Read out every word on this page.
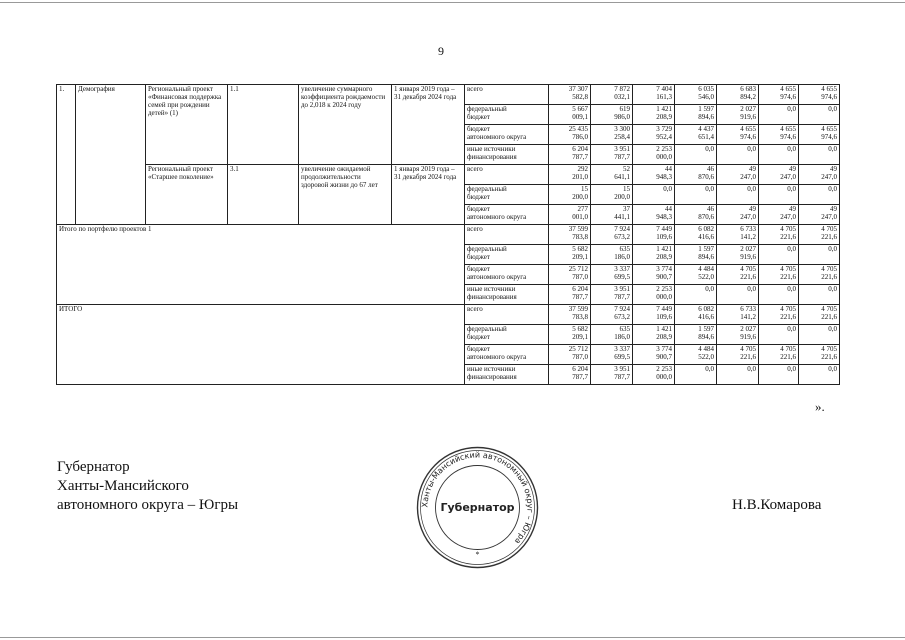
9
1.	Демография	Региональный проект «Финансовая поддержка семей при рождении детей» (1)	1.1	увеличение суммарного коэффициента рождаемости до 2,018 к 2024 году	1 января 2019 года – 31 декабря 2024 года	всего	37 307
582,8	7 872
032,1	7 404
161,3	6 035
546,0	6 683
894,2	4 655
974,6	4 655
974,6
						федеральный
бюджет	5 667
009,1	619
986,0	1 421
208,9	1 597
894,6	2 027
919,6	0,0	0,0
						бюджет
автономного округа	25 435
786,0	3 300
258,4	3 729
952,4	4 437
651,4	4 655
974,6	4 655
974,6	4 655
974,6
						иные источники
финансирования	6 204
787,7	3 951
787,7	2 253
000,0	0,0	0,0	0,0	0,0
		Региональный проект «Старшее поколение»	3.1	увеличение ожидаемой продолжительности здоровой жизни до 67 лет	1 января 2019 года –
31 декабря 2024 года	всего	292
201,0	52
641,1	44
948,3	46
870,6	49
247,0	49
247,0	49
247,0
						федеральный
бюджет	15
200,0	15
200,0	0,0	0,0	0,0	0,0	0,0
						бюджет
автономного округа	277
001,0	37
441,1	44
948,3	46
870,6	49
247,0	49
247,0	49
247,0
Итого по портфелю проектов 1						всего	37 599
783,8	7 924
673,2	7 449
109,6	6 082
416,6	6 733
141,2	4 705
221,6	4 705
221,6
						федеральный
бюджет	5 682
209,1	635
186,0	1 421
208,9	1 597
894,6	2 027
919,6	0,0	0,0
						бюджет
автономного округа	25 712
787,0	3 337
699,5	3 774
900,7	4 484
522,0	4 705
221,6	4 705
221,6	4 705
221,6
						иные источники
финансирования	6 204
787,7	3 951
787,7	2 253
000,0	0,0	0,0	0,0	0,0
ИТОГО						всего	37 599
783,8	7 924
673,2	7 449
109,6	6 082
416,6	6 733
141,2	4 705
221,6	4 705
221,6
						федеральный
бюджет	5 682
209,1	635
186,0	1 421
208,9	1 597
894,6	2 027
919,6	0,0	0,0
						бюджет
автономного округа	25 712
787,0	3 337
699,5	3 774
900,7	4 484
522,0	4 705
221,6	4 705
221,6	4 705
221,6
						иные источники
финансирования	6 204
787,7	3 951
787,7	2 253
000,0	0,0	0,0	0,0	0,0
».
Губернатор
Ханты-Мансийского
автономного округа – Югры	Н.В.Комарова
Ханты-Мансийский автономный округ – Югра
Губернатор
*
